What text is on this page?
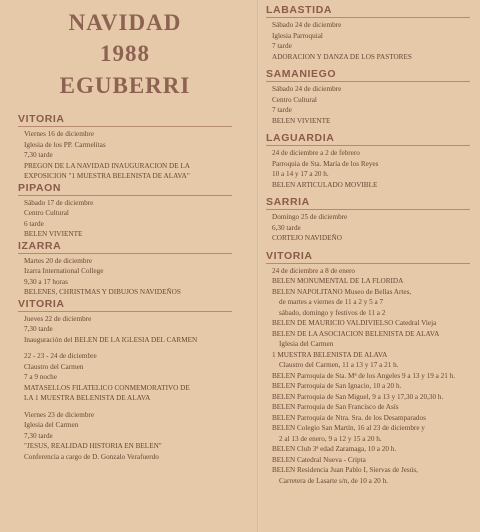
NAVIDAD
1988
EGUBERRI
VITORIA
Viernes 16 de diciembre
Iglesia de los PP. Carmelitas
7,30 tarde
PREGON DE LA NAVIDAD INAUGURACION DE LA
EXPOSICION "1 MUESTRA BELENISTA DE ALAVA"
PIPAON
Sábado 17 de diciembre
Centro Cultural
6 tarde
BELEN VIVIENTE
IZARRA
Martes 20 de diciembre
Izarra International College
9,30 a 17 horas
BELENES, CHRISTMAS Y DIBUJOS NAVIDEÑOS
VITORIA
Jueves 22 de diciembre
7,30 tarde
Inauguración del BELEN DE LA IGLESIA DEL CARMEN
22 - 23 - 24 de diciembre
Claustro del Carmen
7 a 9 noche
MATASELLOS FILATELICO CONMEMORATIVO DE
LA 1 MUESTRA BELENISTA DE ALAVA
Viernes 23 de diciembre
Iglesia del Carmen
7,30 tarde
"JESUS, REALIDAD HISTORIA EN BELEN"
Conferencia a cargo de D. Gonzalo Verafuerdo
LABASTIDA
Sábado 24 de diciembre
Iglesia Parroquial
7 tarde
ADORACION Y DANZA DE LOS PASTORES
SAMANIEGO
Sábado 24 de diciembre
Centro Cultural
7 tarde
BELEN VIVIENTE
LAGUARDIA
24 de diciembre a 2 de febrero
Parroquia de Sta. María de los Reyes
10 a 14 y 17 a 20 h.
BELEN ARTICULADO MOVIBLE
SARRIA
Domingo 25 de diciembre
6,30 tarde
CORTEJO NAVIDEÑO
VITORIA
24 de diciembre a 8 de enero
BELEN MONUMENTAL DE LA FLORIDA
BELEN NAPOLITANO Museo de Bellas Artes,
de martes a viernes de 11 a 2 y 5 a 7
sábado, domingo y festivos de 11 a 2
BELEN DE MAURICIO VALDIVIELSO Catedral Vieja
BELEN DE LA ASOCIACION BELENISTA DE ALAVA
Iglesia del Carmen
1 MUESTRA BELENISTA DE ALAVA
Claustro del Carmen, 11 a 13 y 17 a 21 h.
BELEN Parroquia de Sta. Mª de los Angeles 9 a 13 y 19 a 21 h.
BELEN Parroquia de San Ignacio, 10 a 20 h.
BELEN Parroquia de San Miguel, 9 a 13 y 17,30 a 20,30 h.
BELEN Parroquia de San Francisco de Asís
BELEN Parroquia de Ntra. Sra. de los Desamparados
BELEN Colegio San Martín, 16 al 23 de diciembre y
2 al 13 de enero, 9 a 12 y 15 a 20 h.
BELEN Club 3ª edad Zaramaga, 10 a 20 h.
BELEN Catedral Nueva - Cripta
BELEN Residencia Juan Pablo I, Siervas de Jesús,
Carretera de Lasarte s/n, de 10 a 20 h.
